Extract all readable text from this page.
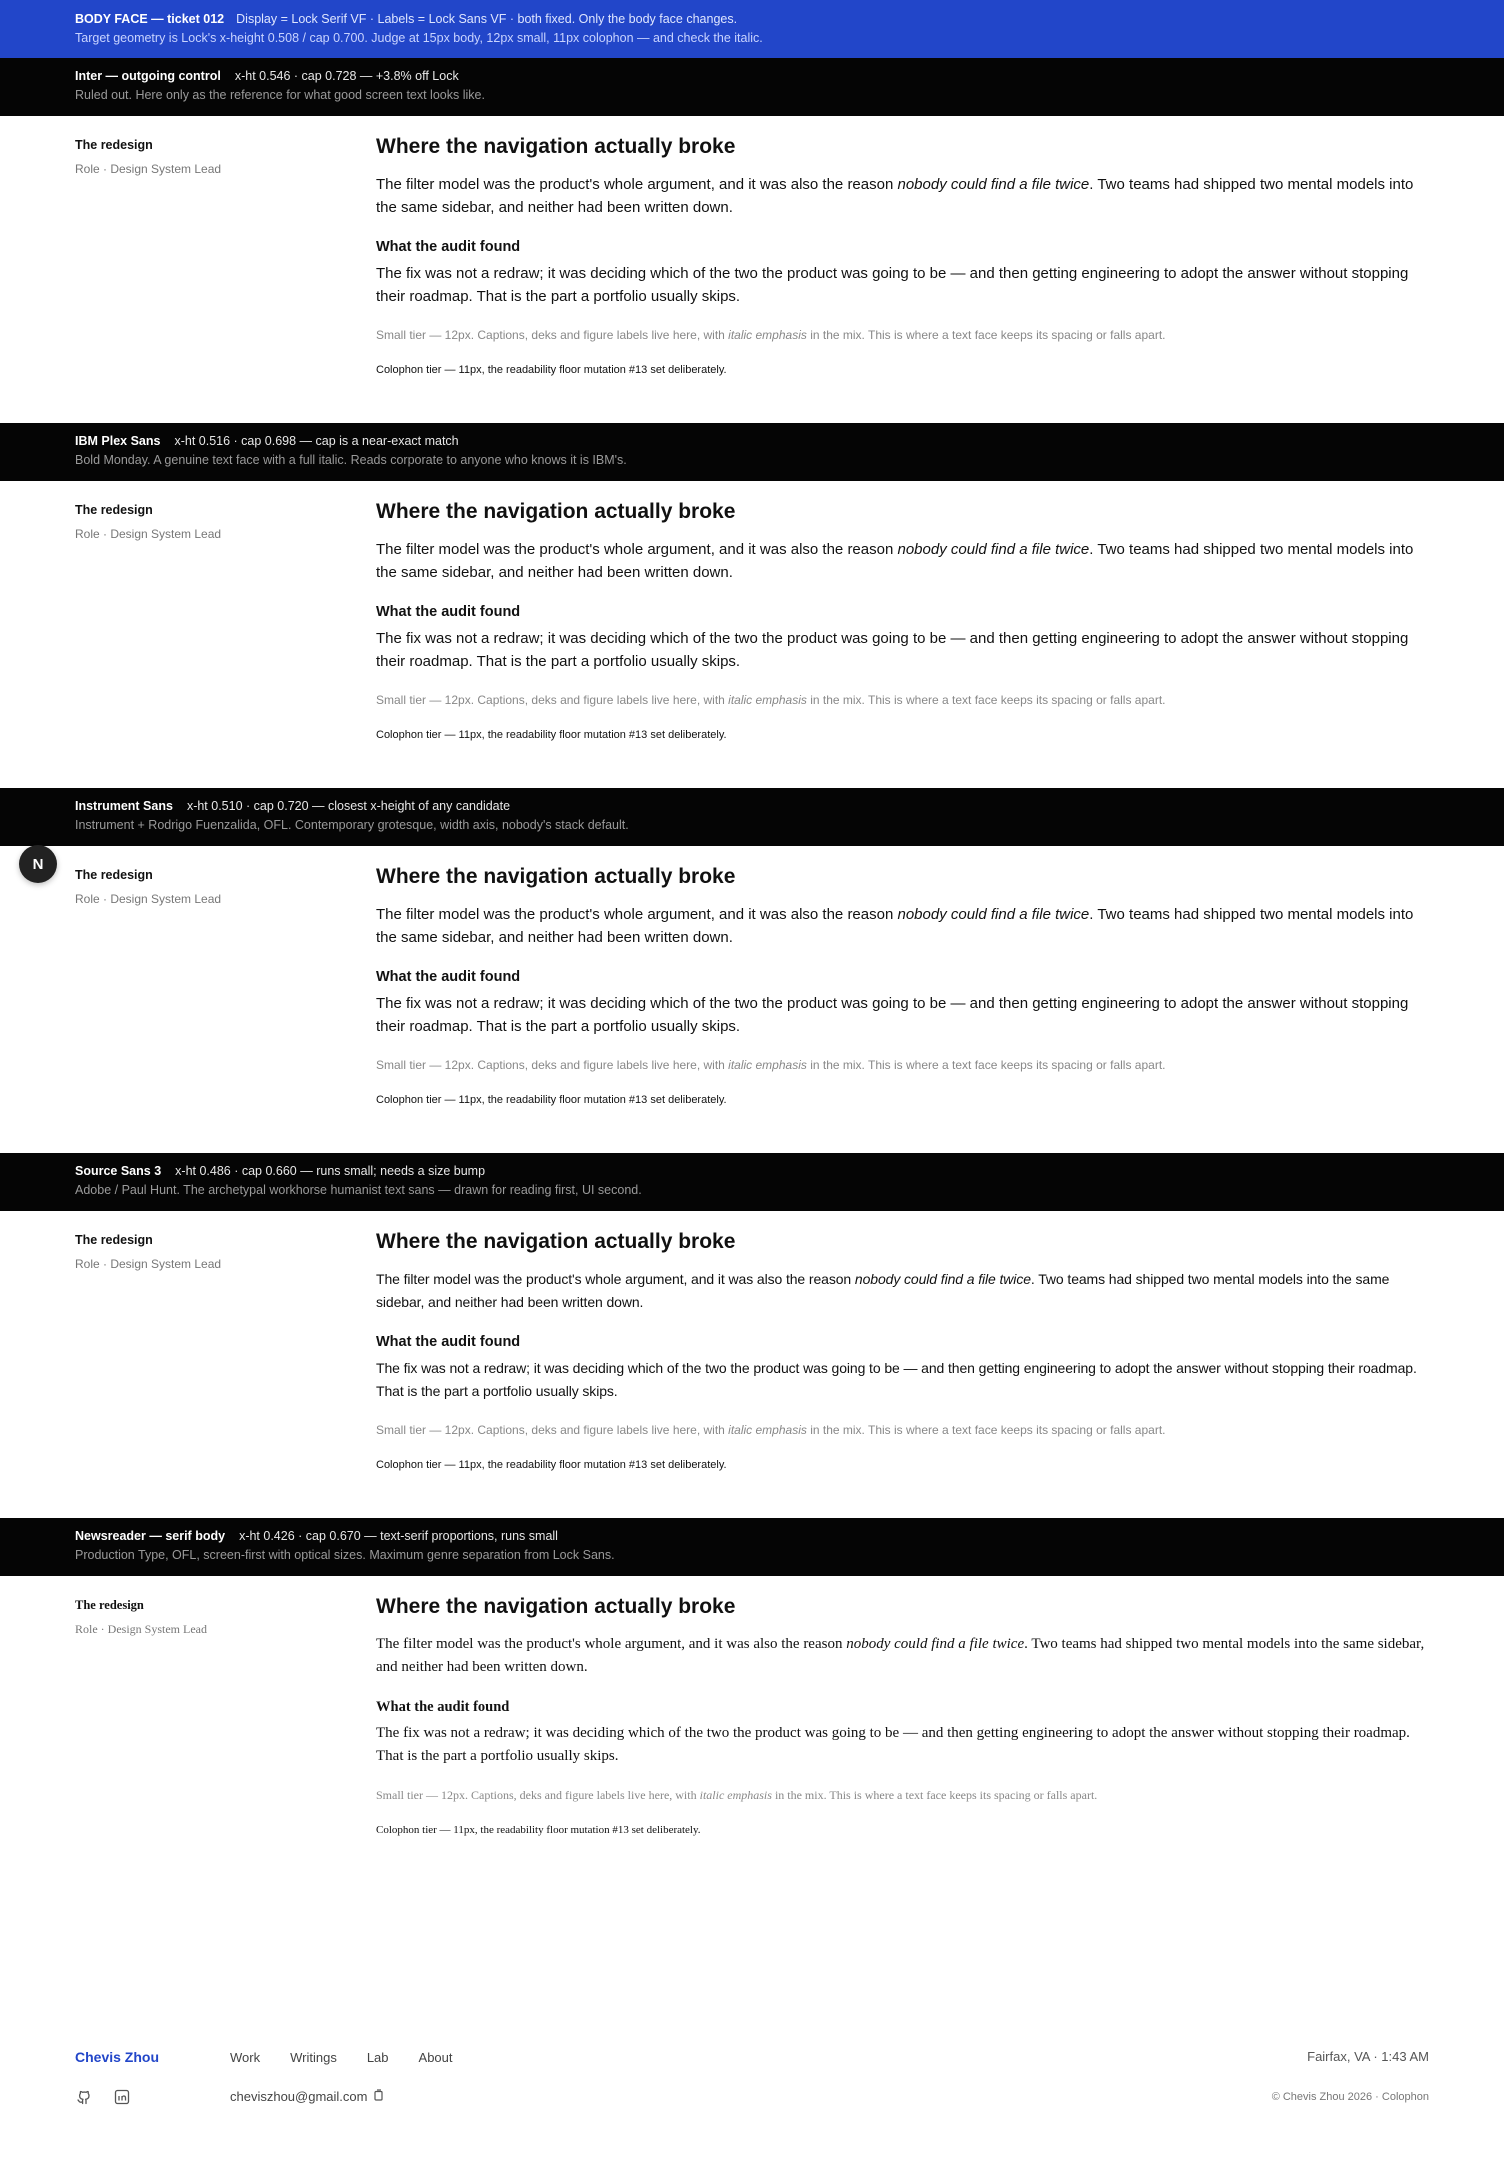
BODY FACE — ticket 012 Display = Lock Serif VF · Labels = Lock Sans VF · both fixed. Only the body face changes.
Target geometry is Lock's x-height 0.508 / cap 0.700. Judge at 15px body, 12px small, 11px colophon — and check the italic.
Inter — outgoing control x-ht 0.546 · cap 0.728 — +3.8% off Lock
Ruled out. Here only as the reference for what good screen text looks like.
The redesign
Role · Design System Lead
Where the navigation actually broke

The filter model was the product's whole argument, and it was also the reason nobody could find a file twice. Two teams had shipped two mental models into the same sidebar, and neither had been written down.

What the audit found

The fix was not a redraw; it was deciding which of the two the product was going to be — and then getting engineering to adopt the answer without stopping their roadmap. That is the part a portfolio usually skips.

Small tier — 12px. Captions, deks and figure labels live here, with italic emphasis in the mix. This is where a text face keeps its spacing or falls apart.

Colophon tier — 11px, the readability floor mutation #13 set deliberately.

IBM Plex Sans x-ht 0.516 · cap 0.698 — cap is a near-exact match
Bold Monday. A genuine text face with a full italic. Reads corporate to anyone who knows it is IBM's.
The redesign
Role · Design System Lead
Where the navigation actually broke

The filter model was the product's whole argument, and it was also the reason nobody could find a file twice. Two teams had shipped two mental models into the same sidebar, and neither had been written down.

What the audit found

The fix was not a redraw; it was deciding which of the two the product was going to be — and then getting engineering to adopt the answer without stopping their roadmap. That is the part a portfolio usually skips.

Small tier — 12px. Captions, deks and figure labels live here, with italic emphasis in the mix. This is where a text face keeps its spacing or falls apart.

Colophon tier — 11px, the readability floor mutation #13 set deliberately.

Instrument Sans x-ht 0.510 · cap 0.720 — closest x-height of any candidate
Instrument + Rodrigo Fuenzalida, OFL. Contemporary grotesque, width axis, nobody's stack default.
The redesign
Role · Design System Lead
Where the navigation actually broke

The filter model was the product's whole argument, and it was also the reason nobody could find a file twice. Two teams had shipped two mental models into the same sidebar, and neither had been written down.

What the audit found

The fix was not a redraw; it was deciding which of the two the product was going to be — and then getting engineering to adopt the answer without stopping their roadmap. That is the part a portfolio usually skips.

Small tier — 12px. Captions, deks and figure labels live here, with italic emphasis in the mix. This is where a text face keeps its spacing or falls apart.

Colophon tier — 11px, the readability floor mutation #13 set deliberately.

Source Sans 3 x-ht 0.486 · cap 0.660 — runs small; needs a size bump
Adobe / Paul Hunt. The archetypal workhorse humanist text sans — drawn for reading first, UI second.
The redesign
Role · Design System Lead
Where the navigation actually broke

The filter model was the product's whole argument, and it was also the reason nobody could find a file twice. Two teams had shipped two mental models into the same sidebar, and neither had been written down.

What the audit found

The fix was not a redraw; it was deciding which of the two the product was going to be — and then getting engineering to adopt the answer without stopping their roadmap. That is the part a portfolio usually skips.

Small tier — 12px. Captions, deks and figure labels live here, with italic emphasis in the mix. This is where a text face keeps its spacing or falls apart.

Colophon tier — 11px, the readability floor mutation #13 set deliberately.

Newsreader — serif body x-ht 0.426 · cap 0.670 — text-serif proportions, runs small
Production Type, OFL, screen-first with optical sizes. Maximum genre separation from Lock Sans.
The redesign
Role · Design System Lead
Where the navigation actually broke

The filter model was the product's whole argument, and it was also the reason nobody could find a file twice. Two teams had shipped two mental models into the same sidebar, and neither had been written down.

What the audit found

The fix was not a redraw; it was deciding which of the two the product was going to be — and then getting engineering to adopt the answer without stopping their roadmap. That is the part a portfolio usually skips.

Small tier — 12px. Captions, deks and figure labels live here, with italic emphasis in the mix. This is where a text face keeps its spacing or falls apart.

Colophon tier — 11px, the readability floor mutation #13 set deliberately.

N
Chevis Zhou	Work Writings Lab About	Fairfax, VA · 1:43 AM
cheviszhou@gmail.com	© Chevis Zhou 2026 · Colophon
